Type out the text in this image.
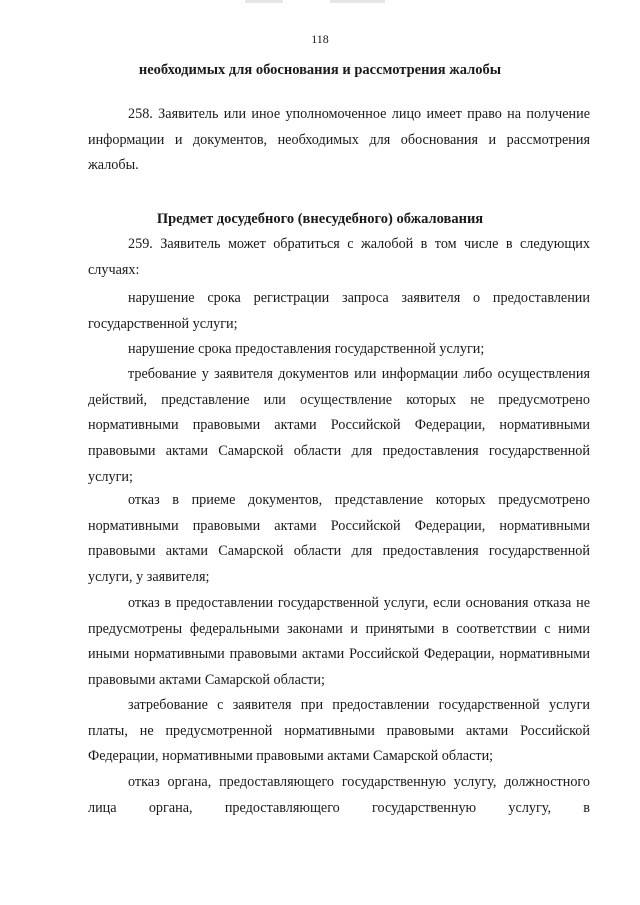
118
необходимых для обоснования и рассмотрения жалобы
258. Заявитель или иное уполномоченное лицо имеет право на получение информации и документов, необходимых для обоснования и рассмотрения жалобы.
Предмет досудебного (внесудебного) обжалования
259. Заявитель может обратиться с жалобой в том числе в следующих случаях:
нарушение срока регистрации запроса заявителя о предоставлении государственной услуги;
нарушение срока предоставления государственной услуги;
требование у заявителя документов или информации либо осуществления действий, представление или осуществление которых не предусмотрено нормативными правовыми актами Российской Федерации, нормативными правовыми актами Самарской области для предоставления государственной услуги;
отказ в приеме документов, представление которых предусмотрено нормативными правовыми актами Российской Федерации, нормативными правовыми актами Самарской области для предоставления государственной услуги, у заявителя;
отказ в предоставлении государственной услуги, если основания отказа не предусмотрены федеральными законами и принятыми в соответствии с ними иными нормативными правовыми актами Российской Федерации, нормативными правовыми актами Самарской области;
затребование с заявителя при предоставлении государственной услуги платы, не предусмотренной нормативными правовыми актами Российской Федерации, нормативными правовыми актами Самарской области;
отказ органа, предоставляющего государственную услугу, должностного лица органа, предоставляющего государственную услугу, в
